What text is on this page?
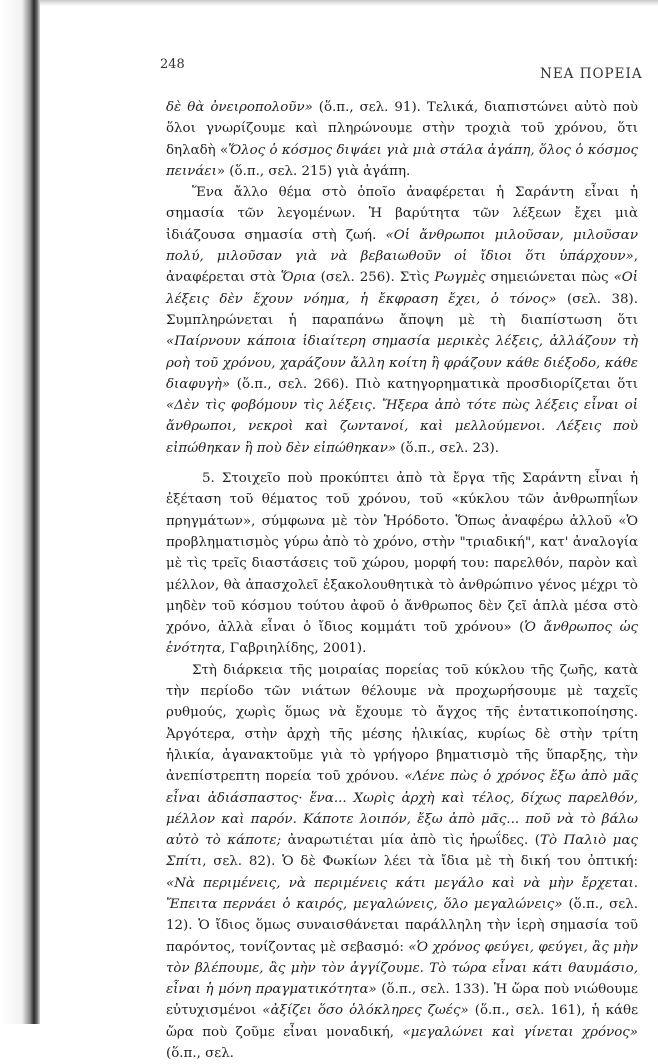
248
ΝΕΑ ΠΟΡΕΙΑ

δὲ θὰ ὀνειροπολοῦν» (ὅ.π., σελ. 91). Τελικά, διαπιστώνει αὐτὸ ποὺ ὅλοι γνωρίζουμε καὶ πληρώνουμε στὴν τροχιὰ τοῦ χρόνου, ὅτι δηλαδὴ «Ὅλος ὁ κόσμος διψάει γιὰ μιὰ στάλα ἀγάπη, ὅλος ὁ κόσμος πεινάει» (ὅ.π., σελ. 215) γιὰ ἀγάπη.

Ἕνα ἄλλο θέμα στὸ ὁποῖο ἀναφέρεται ἡ Σαράντη εἶναι ἡ σημασία τῶν λεγομένων. Ἡ βαρύτητα τῶν λέξεων ἔχει μιὰ ἰδιάζουσα σημασία στὴ ζωή. «Οἱ ἄνθρωποι μιλοῦσαν, μιλοῦσαν πολύ, μιλοῦσαν γιὰ νὰ βεβαιωθοῦν οἱ ἴδιοι ὅτι ὑπάρχουν», ἀναφέρεται στὰ Ὅρια (σελ. 256). Στὶς Ρωγμὲς σημειώνεται πὼς «Οἱ λέξεις δὲν ἔχουν νόημα, ἡ ἔκφραση ἔχει, ὁ τόνος» (σελ. 38). Συμπληρώνεται ἡ παραπάνω ἄποψη μὲ τὴ διαπίστωση ὅτι «Παίρνουν κάποια ἰδιαίτερη σημασία μερικὲς λέξεις, ἀλλάζουν τὴ ροὴ τοῦ χρόνου, χαράζουν ἄλλη κοίτη ἢ φράζουν κάθε διέξοδο, κάθε διαφυγὴ» (ὅ.π., σελ. 266). Πιὸ κατηγορηματικὰ προσδιορίζεται ὅτι «Δὲν τὶς φοβόμουν τὶς λέξεις. Ἤξερα ἀπὸ τότε πὼς λέξεις εἶναι οἱ ἄνθρωποι, νεκροὶ καὶ ζωντανοί, καὶ μελλούμενοι. Λέξεις ποὺ εἰπώθηκαν ἢ ποὺ δὲν εἰπώθηκαν» (ὅ.π., σελ. 23).

5. Στοιχεῖο ποὺ προκύπτει ἀπὸ τὰ ἔργα τῆς Σαράντη εἶναι ἡ ἐξέταση τοῦ θέματος τοῦ χρόνου, τοῦ «κύκλου τῶν ἀνθρωπηΐων πρηγμάτων», σύμφωνα μὲ τὸν Ἡρόδοτο. Ὅπως ἀναφέρω ἀλλοῦ «Ὁ προβληματισμὸς γύρω ἀπὸ τὸ χρόνο, στὴν "τριαδική", κατ' ἀναλογία μὲ τὶς τρεῖς διαστάσεις τοῦ χώρου, μορφή του: παρελθόν, παρὸν καὶ μέλλον, θὰ ἀπασχολεῖ ἐξακολουθητικὰ τὸ ἀνθρώπινο γένος μέχρι τὸ μηδὲν τοῦ κόσμου τούτου ἀφοῦ ὁ ἄνθρωπος δὲν ζεῖ ἁπλὰ μέσα στὸ χρόνο, ἀλλὰ εἶναι ὁ ἴδιος κομμάτι τοῦ χρόνου» (Ὁ ἄνθρωπος ὡς ἑνότητα, Γαβριηλίδης, 2001).

Στὴ διάρκεια τῆς μοιραίας πορείας τοῦ κύκλου τῆς ζωῆς, κατὰ τὴν περίοδο τῶν νιάτων θέλουμε νὰ προχωρήσουμε μὲ ταχεῖς ρυθμούς, χωρὶς ὅμως νὰ ἔχουμε τὸ ἄγχος τῆς ἐντατικοποίησης. Ἀργότερα, στὴν ἀρχὴ τῆς μέσης ἡλικίας, κυρίως δὲ στὴν τρίτη ἡλικία, ἀγανακτοῦμε γιὰ τὸ γρήγορο βηματισμὸ τῆς ὕπαρξης, τὴν ἀνεπίστρεπτη πορεία τοῦ χρόνου. «Λένε πὼς ὁ χρόνος ἔξω ἀπὸ μᾶς εἶναι ἀδιάσπαστος· ἕνα... Χωρὶς ἀρχὴ καὶ τέλος, δίχως παρελθόν, μέλλον καὶ παρόν. Κάποτε λοιπόν, ἔξω ἀπὸ μᾶς... ποῦ νὰ τὸ βάλω αὐτὸ τὸ κάποτε; ἀναρωτιέται μία ἀπὸ τὶς ἡρωΐδες. (Τὸ Παλιὸ μας Σπίτι, σελ. 82). Ὁ δὲ Φωκίων λέει τὰ ἴδια μὲ τὴ δική του ὀπτική: «Νὰ περιμένεις, νὰ περιμένεις κάτι μεγάλο καὶ νὰ μὴν ἔρχεται. Ἔπειτα περνάει ὁ καιρός, μεγαλώνεις, ὅλο μεγαλώνεις» (ὅ.π., σελ. 12). Ὁ ἴδιος ὅμως συναισθάνεται παράλληλη τὴν ἱερὴ σημασία τοῦ παρόντος, τονίζοντας μὲ σεβασμό: «Ὁ χρόνος φεύγει, φεύγει, ἂς μὴν τὸν βλέπουμε, ἂς μὴν τὸν ἀγγίζουμε. Τὸ τώρα εἶναι κάτι θαυμάσιο, εἶναι ἡ μόνη πραγματικότητα» (ὅ.π., σελ. 133). Ἡ ὥρα ποὺ νιώθουμε εὐτυχισμένοι «ἀξίζει ὅσο ὁλόκληρες ζωές» (ὅ.π., σελ. 161), ἡ κάθε ὥρα ποὺ ζοῦμε εἶναι μοναδική, «μεγαλώνει καὶ γίνεται χρόνος» (ὅ.π., σελ.
